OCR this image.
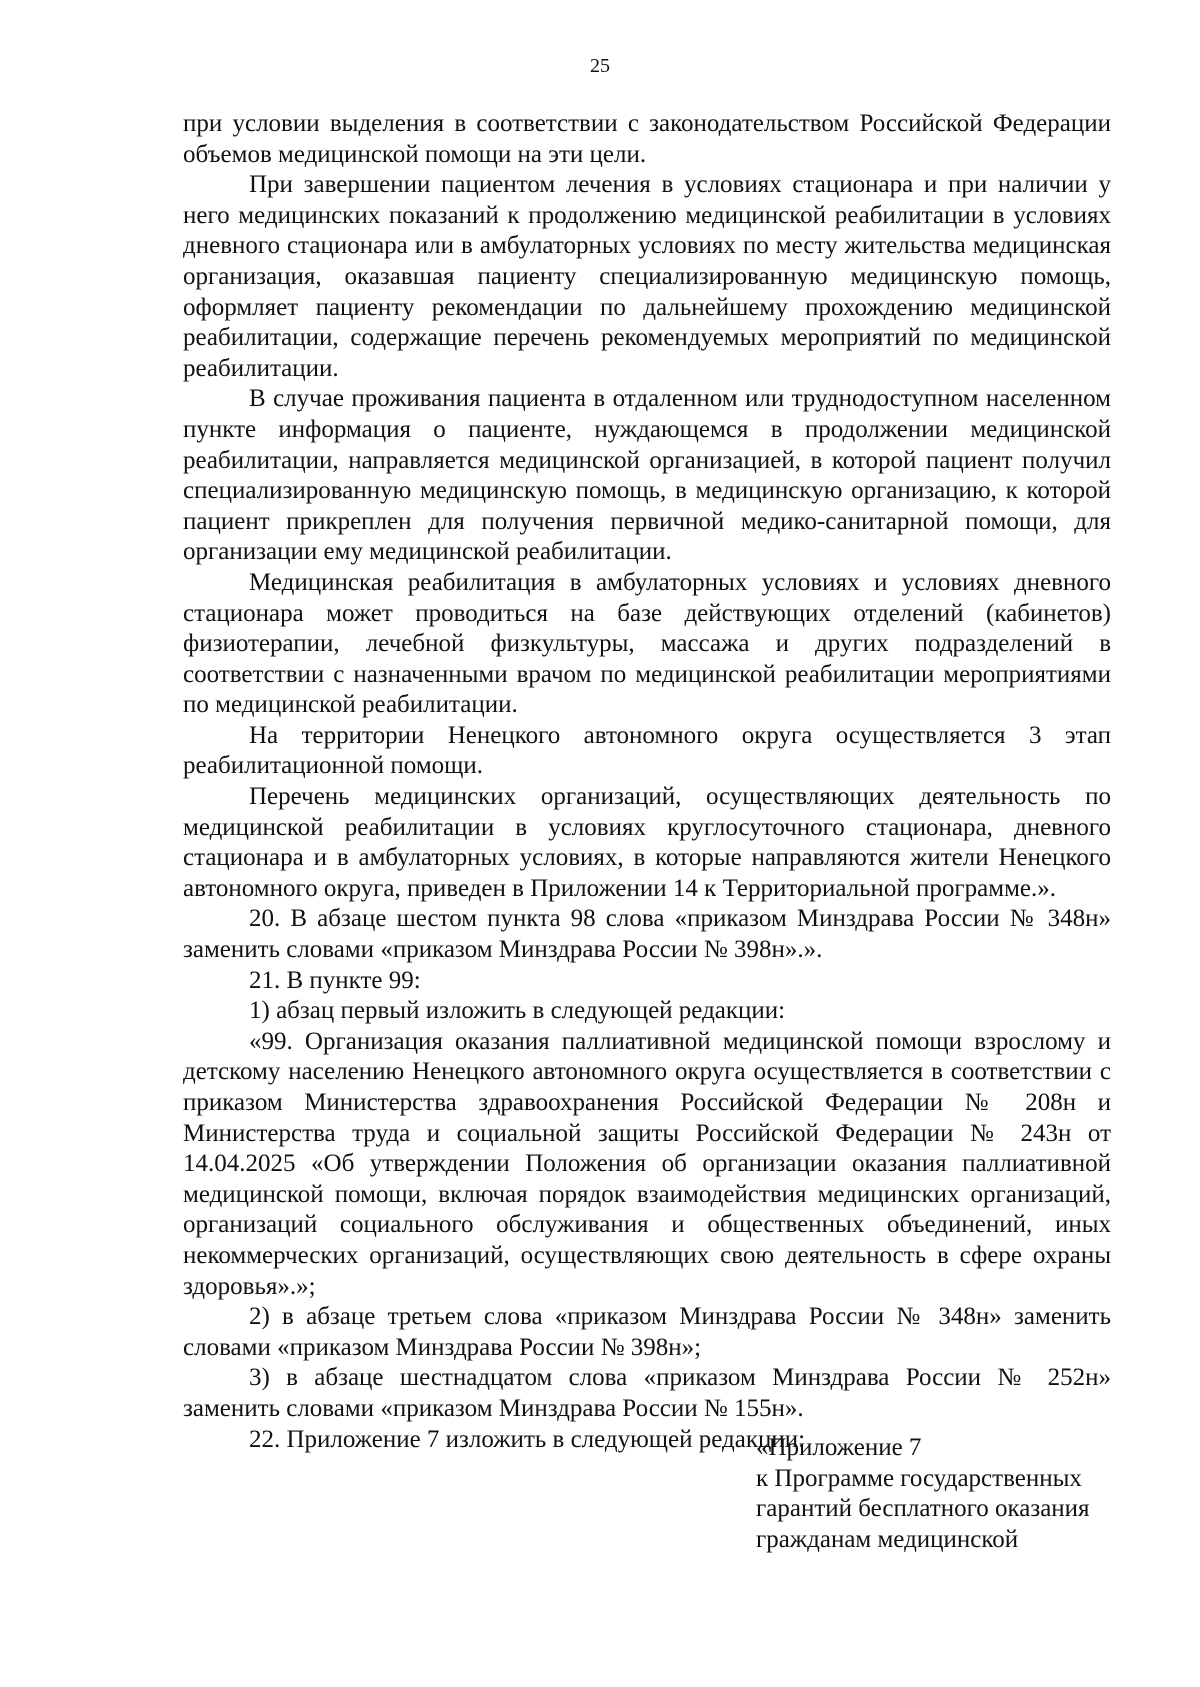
25

при условии выделения в соответствии с законодательством Российской Федерации объемов медицинской помощи на эти цели.

При завершении пациентом лечения в условиях стационара и при наличии у него медицинских показаний к продолжению медицинской реабилитации в условиях дневного стационара или в амбулаторных условиях по месту жительства медицинская организация, оказавшая пациенту специализированную медицинскую помощь, оформляет пациенту рекомендации по дальнейшему прохождению медицинской реабилитации, содержащие перечень рекомендуемых мероприятий по медицинской реабилитации.

В случае проживания пациента в отдаленном или труднодоступном населенном пункте информация о пациенте, нуждающемся в продолжении медицинской реабилитации, направляется медицинской организацией, в которой пациент получил специализированную медицинскую помощь, в медицинскую организацию, к которой пациент прикреплен для получения первичной медико-санитарной помощи, для организации ему медицинской реабилитации.

Медицинская реабилитация в амбулаторных условиях и условиях дневного стационара может проводиться на базе действующих отделений (кабинетов) физиотерапии, лечебной физкультуры, массажа и других подразделений в соответствии с назначенными врачом по медицинской реабилитации мероприятиями по медицинской реабилитации.

На территории Ненецкого автономного округа осуществляется 3 этап реабилитационной помощи.

Перечень медицинских организаций, осуществляющих деятельность по медицинской реабилитации в условиях круглосуточного стационара, дневного стационара и в амбулаторных условиях, в которые направляются жители Ненецкого автономного округа, приведен в Приложении 14 к Территориальной программе.».

20. В абзаце шестом пункта 98 слова «приказом Минздрава России № 348н» заменить словами «приказом Минздрава России № 398н».».

21. В пункте 99:

1) абзац первый изложить в следующей редакции:

«99. Организация оказания паллиативной медицинской помощи взрослому и детскому населению Ненецкого автономного округа осуществляется в соответствии с приказом Министерства здравоохранения Российской Федерации № 208н и Министерства труда и социальной защиты Российской Федерации № 243н от 14.04.2025 «Об утверждении Положения об организации оказания паллиативной медицинской помощи, включая порядок взаимодействия медицинских организаций, организаций социального обслуживания и общественных объединений, иных некоммерческих организаций, осуществляющих свою деятельность в сфере охраны здоровья».»;

2) в абзаце третьем слова «приказом Минздрава России № 348н» заменить словами «приказом Минздрава России № 398н»;

3) в абзаце шестнадцатом слова «приказом Минздрава России № 252н» заменить словами «приказом Минздрава России № 155н».

22. Приложение 7 изложить в следующей редакции:

«Приложение 7
к Программе государственных
гарантий бесплатного оказания
гражданам медицинской
